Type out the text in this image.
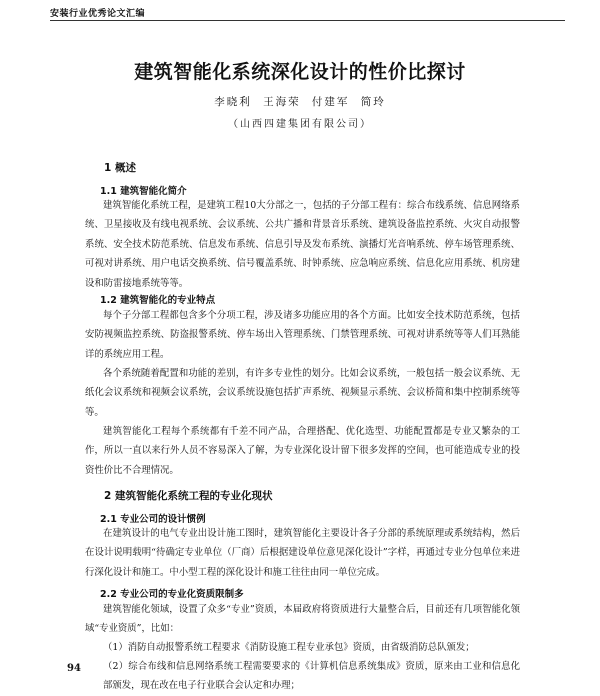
安装行业优秀论文汇编
建筑智能化系统深化设计的性价比探讨
李晓利 王海荣 付建军 简玲
（山西四建集团有限公司）
1 概述
1.1 建筑智能化简介

建筑智能化系统工程，是建筑工程10大分部之一，包括的子分部工程有：综合布线系统、信息网络系统、卫星接收及有线电视系统、会议系统、公共广播和背景音乐系统、建筑设备监控系统、火灾自动报警系统、安全技术防范系统、信息发布系统、信息引导及发布系统、演播灯光音响系统、停车场管理系统、可视对讲系统、用户电话交换系统、信号覆盖系统、时钟系统、应急响应系统、信息化应用系统、机房建设和防雷接地系统等等。

1.2 建筑智能化的专业特点

每个子分部工程都包含多个分项工程，涉及诸多功能应用的各个方面。比如安全技术防范系统，包括安防视频监控系统、防盗报警系统、停车场出入管理系统、门禁管理系统、可视对讲系统等等人们耳熟能详的系统应用工程。

各个系统随着配置和功能的差别，有许多专业性的划分。比如会议系统，一般包括一般会议系统、无纸化会议系统和视频会议系统，会议系统设施包括扩声系统、视频显示系统、会议桥简和集中控制系统等等。

建筑智能化工程每个系统都有千差不同产品，合理搭配、优化选型、功能配置都是专业又繁杂的工作，所以一直以来行外人员不容易深入了解，为专业深化设计留下很多发挥的空间，也可能造成专业的投资性价比不合理情况。

2 建筑智能化系统工程的专业化现状
2.1 专业公司的设计惯例

在建筑设计的电气专业出设计施工图时，建筑智能化主要设计各子分部的系统原理或系统结构，然后在设计说明载明“待确定专业单位（厂商）后根据建设单位意见深化设计”字样，再通过专业分包单位来进行深化设计和施工。中小型工程的深化设计和施工往往由同一单位完成。

2.2 专业公司的专业化资质限制多

建筑智能化领域，设置了众多“专业”资质，本届政府将资质进行大量整合后，目前还有几项智能化领域“专业资质”，比如：

（1）消防自动报警系统工程要求《消防设施工程专业承包》资质，由省级消防总队颁发；

（2）综合布线和信息网络系统工程需要要求的《计算机信息系统集成》资质，原来由工业和信息化部颁发，现在改在电子行业联合会认定和办理；

94
